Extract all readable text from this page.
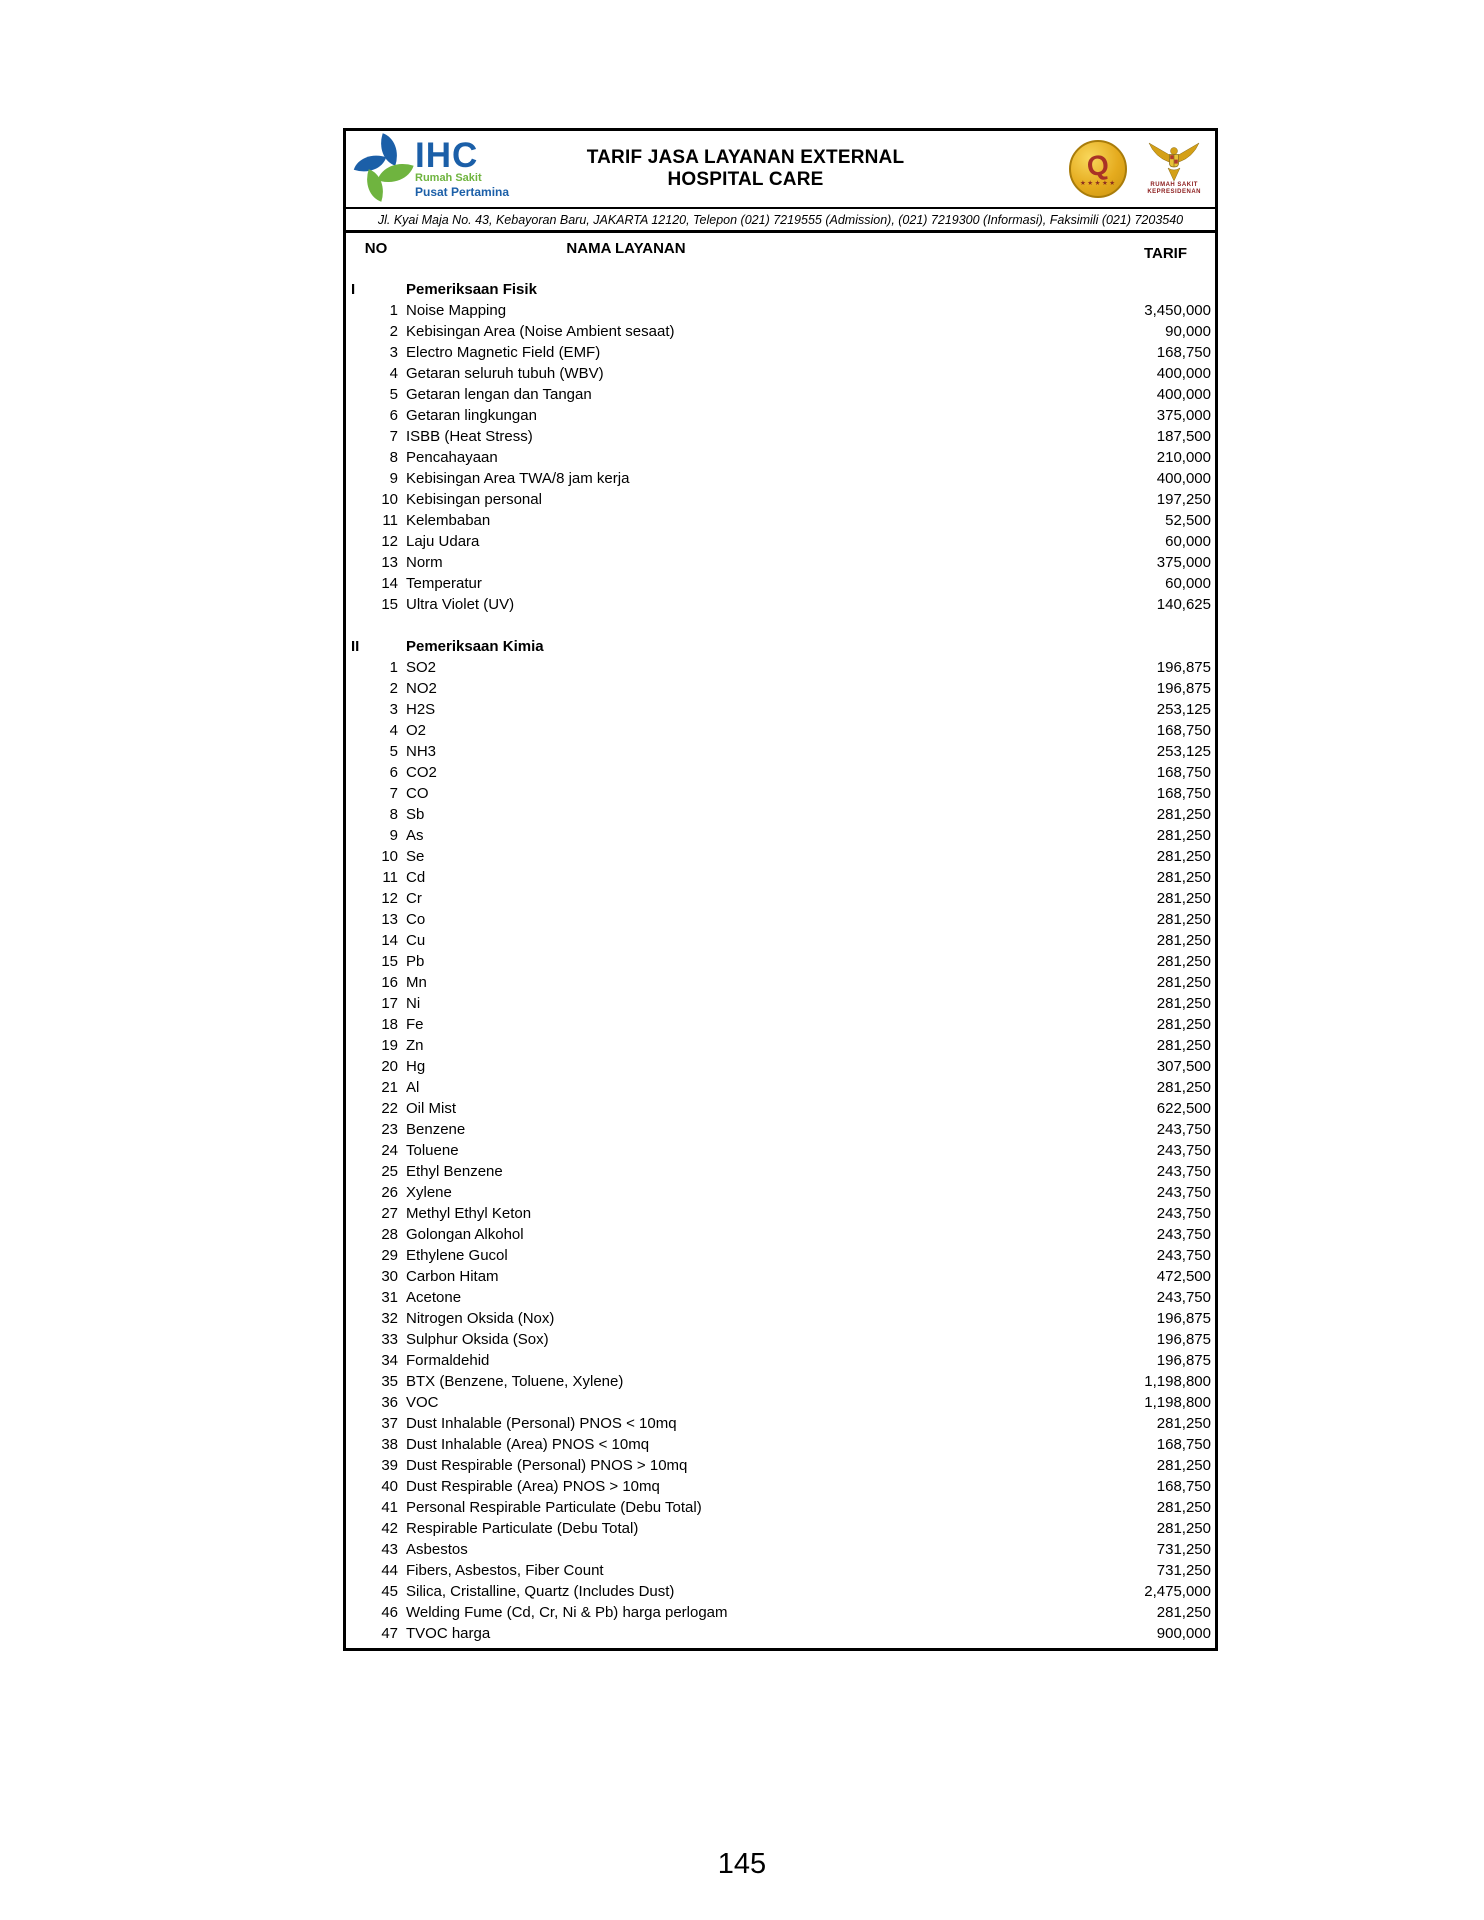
IHC
Rumah Sakit
Pusat Pertamina
TARIF JASA LAYANAN EXTERNAL HOSPITAL CARE	Q
★★★★★	RUMAH SAKIT
KEPRESIDENAN
Jl. Kyai Maja No. 43, Kebayoran Baru, JAKARTA 12120, Telepon (021) 7219555 (Admission), (021) 7219300 (Informasi), Faksimili (021) 7203540
NO	NAMA LAYANAN	TARIF
I	Pemeriksaan Fisik
1 Noise Mapping	3,450,000
2 Kebisingan Area (Noise Ambient sesaat)	90,000
3 Electro Magnetic Field (EMF)	168,750
4 Getaran seluruh tubuh (WBV)	400,000
5 Getaran lengan dan Tangan	400,000
6 Getaran lingkungan	375,000
7 ISBB (Heat Stress)	187,500
8 Pencahayaan	210,000
9 Kebisingan Area TWA/8 jam kerja	400,000
10 Kebisingan personal	197,250
11 Kelembaban	52,500
12 Laju Udara	60,000
13 Norm	375,000
14 Temperatur	60,000
15 Ultra Violet (UV)	140,625
II	Pemeriksaan Kimia
1 SO2	196,875
2 NO2	196,875
3 H2S	253,125
4 O2	168,750
5 NH3	253,125
6 CO2	168,750
7 CO	168,750
8 Sb	281,250
9 As	281,250
10 Se	281,250
11 Cd	281,250
12 Cr	281,250
13 Co	281,250
14 Cu	281,250
15 Pb	281,250
16 Mn	281,250
17 Ni	281,250
18 Fe	281,250
19 Zn	281,250
20 Hg	307,500
21 Al	281,250
22 Oil Mist	622,500
23 Benzene	243,750
24 Toluene	243,750
25 Ethyl Benzene	243,750
26 Xylene	243,750
27 Methyl Ethyl Keton	243,750
28 Golongan Alkohol	243,750
29 Ethylene Gucol	243,750
30 Carbon Hitam	472,500
31 Acetone	243,750
32 Nitrogen Oksida (Nox)	196,875
33 Sulphur Oksida (Sox)	196,875
34 Formaldehid	196,875
35 BTX (Benzene, Toluene, Xylene)	1,198,800
36 VOC	1,198,800
37 Dust Inhalable (Personal) PNOS < 10mq	281,250
38 Dust Inhalable (Area) PNOS < 10mq	168,750
39 Dust Respirable (Personal) PNOS > 10mq	281,250
40 Dust Respirable (Area) PNOS > 10mq	168,750
41 Personal Respirable Particulate (Debu Total)	281,250
42 Respirable Particulate (Debu Total)	281,250
43 Asbestos	731,250
44 Fibers, Asbestos, Fiber Count	731,250
45 Silica, Cristalline, Quartz (Includes Dust)	2,475,000
46 Welding Fume (Cd, Cr, Ni & Pb) harga perlogam	281,250
47 TVOC harga	900,000
145
